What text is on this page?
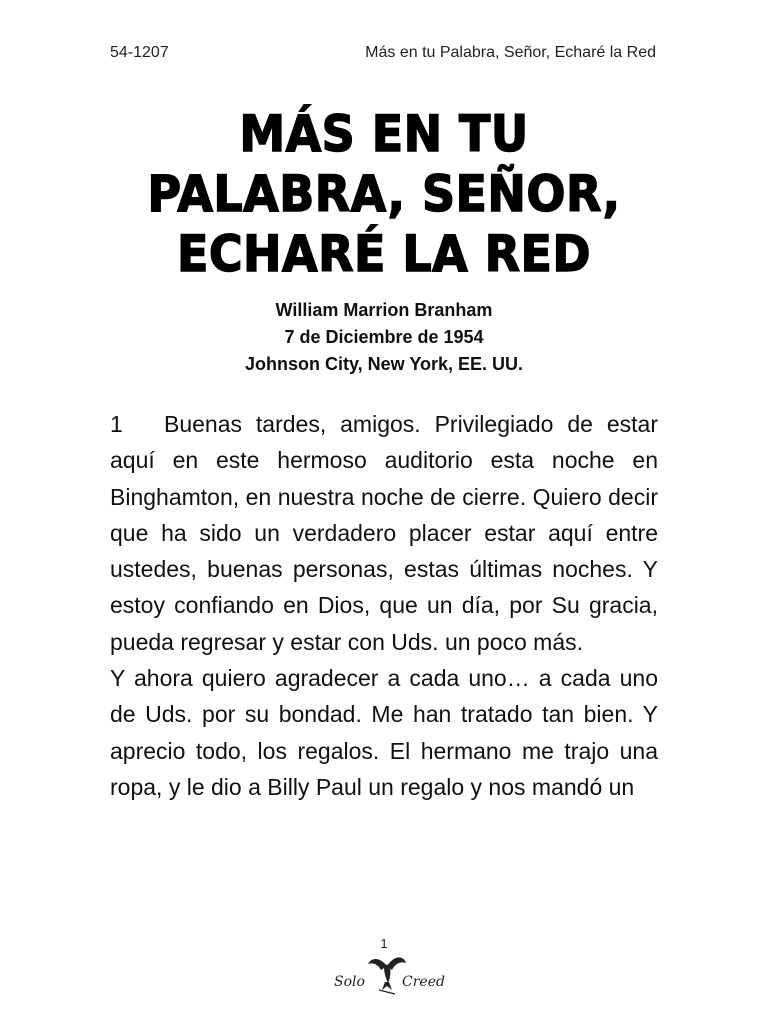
54-1207	Más en tu Palabra, Señor, Echaré la Red
MÁS EN TU
PALABRA, SEÑOR,
ECHARÉ LA RED
William Marrion Branham
7 de Diciembre de 1954
Johnson City, New York, EE. UU.

1 Buenas tardes, amigos. Privilegiado de estar aquí en este hermoso auditorio esta noche en Binghamton, en nuestra noche de cierre. Quiero decir que ha sido un verdadero placer estar aquí entre ustedes, buenas personas, estas últimas noches. Y estoy confiando en Dios, que un día, por Su gracia, pueda regresar y estar con Uds. un poco más.

Y ahora quiero agradecer a cada uno… a cada uno de Uds. por su bondad. Me han tratado tan bien. Y aprecio todo, los regalos. El hermano me trajo una ropa, y le dio a Billy Paul un regalo y nos mandó un

1
Solo	Creed
